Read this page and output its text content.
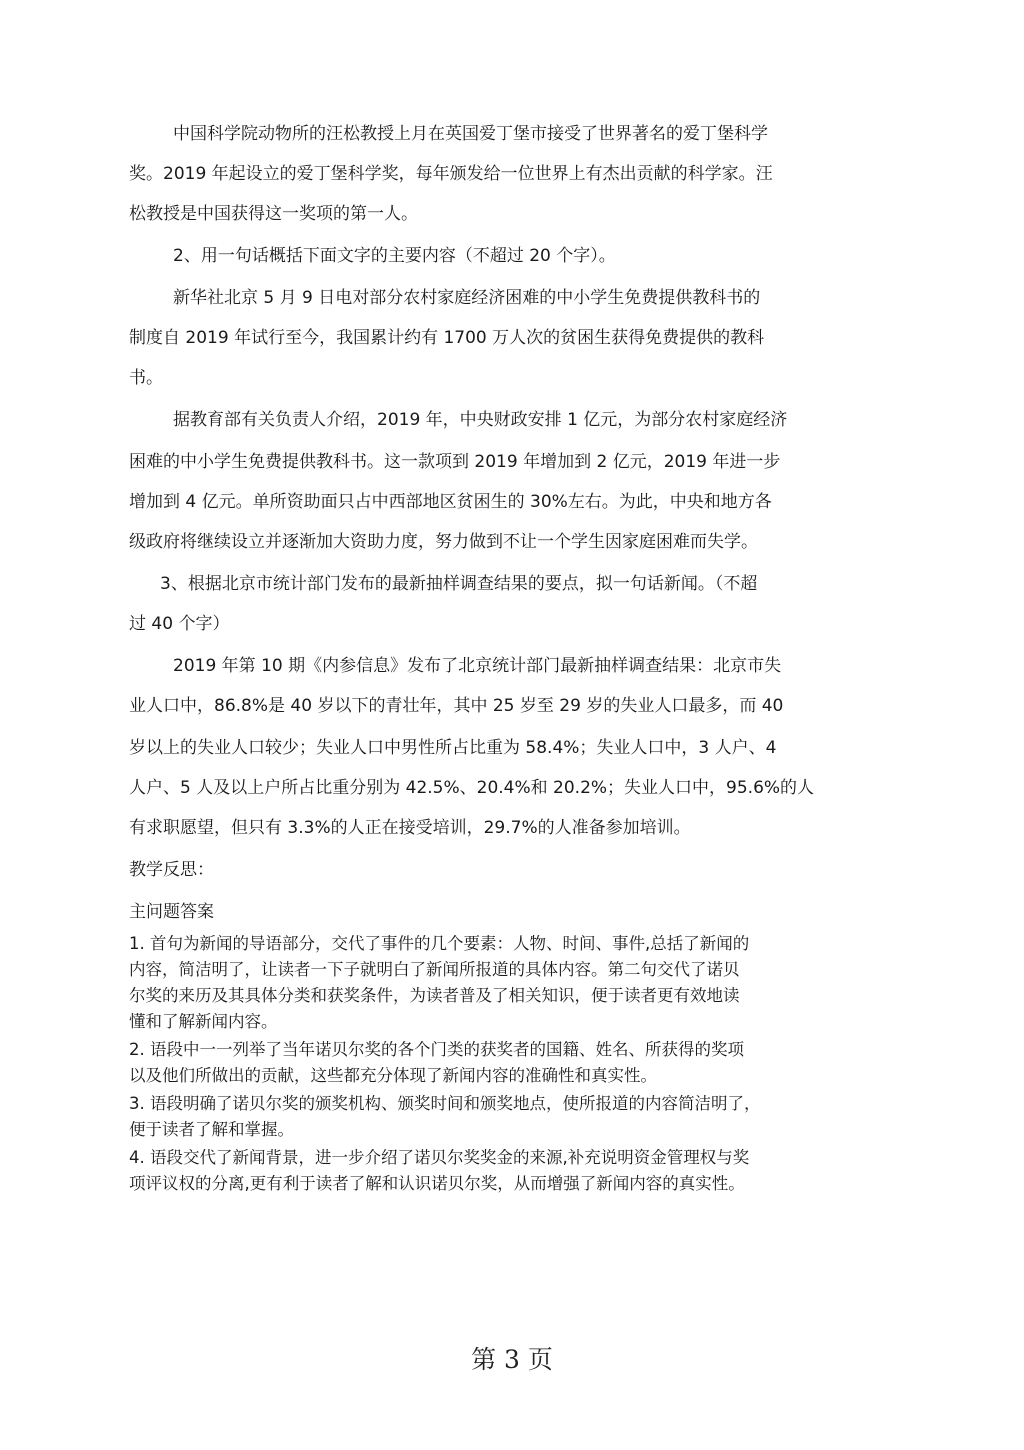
中国科学院动物所的汪松教授上月在英国爱丁堡市接受了世界著名的爱丁堡科学
奖。2019 年起设立的爱丁堡科学奖，每年颁发给一位世界上有杰出贡献的科学家。汪
松教授是中国获得这一奖项的第一人。
2、用一句话概括下面文字的主要内容（不超过 20 个字）。
新华社北京 5 月 9 日电对部分农村家庭经济困难的中小学生免费提供教科书的
制度自 2019 年试行至今，我国累计约有 1700 万人次的贫困生获得免费提供的教科
书。
据教育部有关负责人介绍，2019 年，中央财政安排 1 亿元，为部分农村家庭经济
困难的中小学生免费提供教科书。这一款项到 2019 年增加到 2 亿元，2019 年进一步
增加到 4 亿元。单所资助面只占中西部地区贫困生的 30%左右。为此，中央和地方各
级政府将继续设立并逐渐加大资助力度，努力做到不让一个学生因家庭困难而失学。
3、根据北京市统计部门发布的最新抽样调查结果的要点，拟一句话新闻。（不超
过 40 个字）
2019 年第 10 期《内参信息》发布了北京统计部门最新抽样调查结果：北京市失
业人口中，86.8%是 40 岁以下的青壮年，其中 25 岁至 29 岁的失业人口最多，而 40
岁以上的失业人口较少；失业人口中男性所占比重为 58.4%；失业人口中，3 人户、4
人户、5 人及以上户所占比重分别为 42.5%、20.4%和 20.2%；失业人口中，95.6%的人
有求职愿望，但只有 3.3%的人正在接受培训，29.7%的人准备参加培训。
教学反思：
主问题答案
1. 首句为新闻的导语部分，交代了事件的几个要素：人物、时间、事件,总括了新闻的
内容，简洁明了，让读者一下子就明白了新闻所报道的具体内容。第二句交代了诺贝
尔奖的来历及其具体分类和获奖条件，为读者普及了相关知识，便于读者更有效地读
懂和了解新闻内容。
2. 语段中一一列举了当年诺贝尔奖的各个门类的获奖者的国籍、姓名、所获得的奖项
以及他们所做出的贡献，这些都充分体现了新闻内容的准确性和真实性。
3. 语段明确了诺贝尔奖的颁奖机构、颁奖时间和颁奖地点，使所报道的内容简洁明了，
便于读者了解和掌握。
4. 语段交代了新闻背景，进一步介绍了诺贝尔奖奖金的来源,补充说明资金管理权与奖
项评议权的分离,更有利于读者了解和认识诺贝尔奖，从而增强了新闻内容的真实性。
第 3 页
